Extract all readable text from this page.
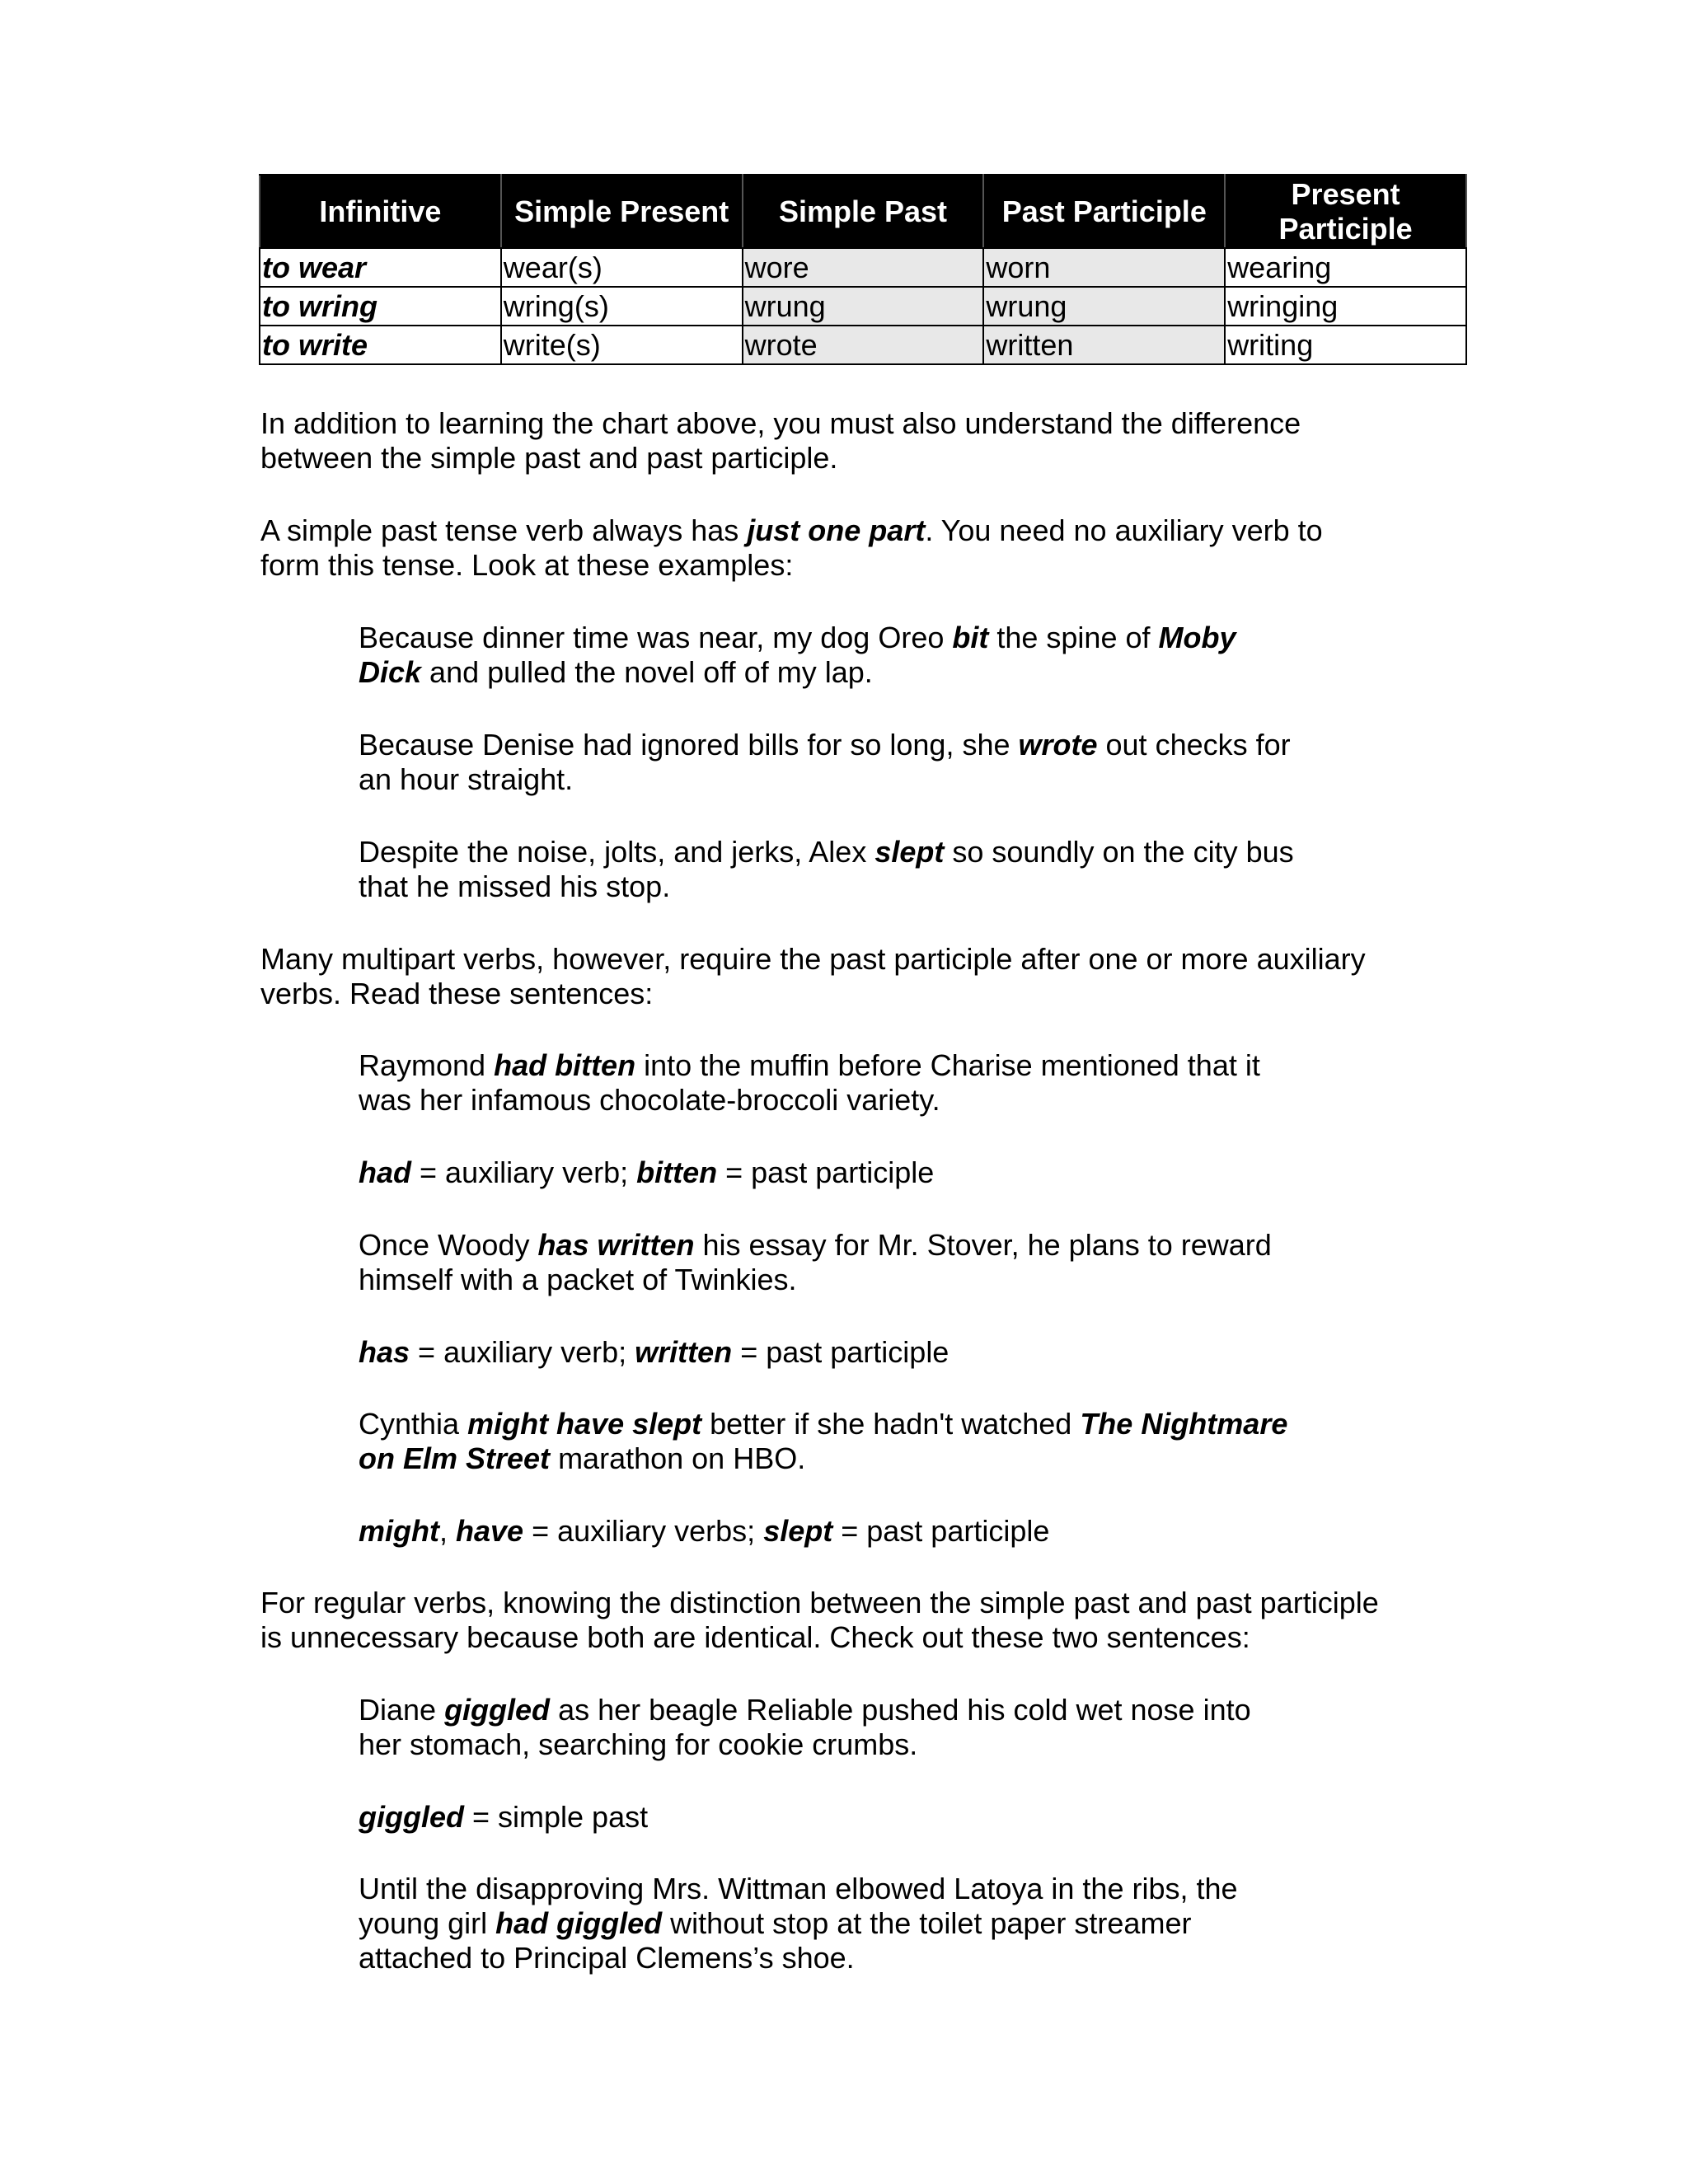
Infinitive	Simple Present	Simple Past	Past Participle	Present Participle
to wear	wear(s)	wore	worn	wearing
to wring	wring(s)	wrung	wrung	wringing
to write	write(s)	wrote	written	writing

In addition to learning the chart above, you must also understand the difference
between the simple past and past participle.

A simple past tense verb always has just one part. You need no auxiliary verb to
form this tense. Look at these examples:

Because dinner time was near, my dog Oreo bit the spine of Moby
Dick and pulled the novel off of my lap.

Because Denise had ignored bills for so long, she wrote out checks for
an hour straight.

Despite the noise, jolts, and jerks, Alex slept so soundly on the city bus
that he missed his stop.

Many multipart verbs, however, require the past participle after one or more auxiliary
verbs. Read these sentences:

Raymond had bitten into the muffin before Charise mentioned that it
was her infamous chocolate-broccoli variety.

had = auxiliary verb; bitten = past participle

Once Woody has written his essay for Mr. Stover, he plans to reward
himself with a packet of Twinkies.

has = auxiliary verb; written = past participle

Cynthia might have slept better if she hadn't watched The Nightmare
on Elm Street marathon on HBO.

might, have = auxiliary verbs; slept = past participle

For regular verbs, knowing the distinction between the simple past and past participle
is unnecessary because both are identical. Check out these two sentences:

Diane giggled as her beagle Reliable pushed his cold wet nose into
her stomach, searching for cookie crumbs.

giggled = simple past

Until the disapproving Mrs. Wittman elbowed Latoya in the ribs, the
young girl had giggled without stop at the toilet paper streamer
attached to Principal Clemens’s shoe.
